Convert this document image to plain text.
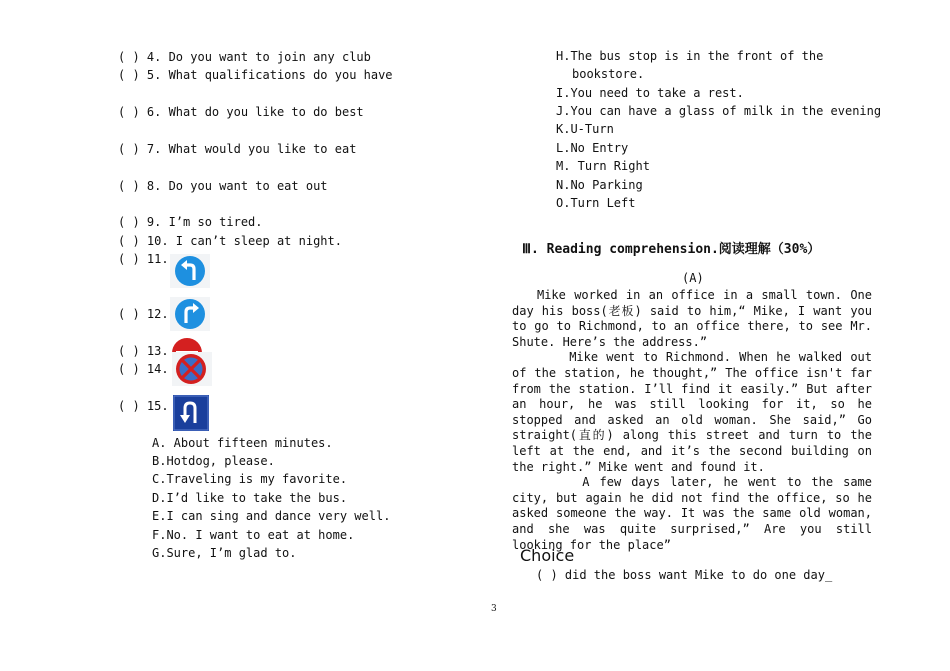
( ) 4. Do you want to join any club
( ) 5. What qualifications do you have
( ) 6. What do you like to do best
( ) 7. What would you like to eat
( ) 8. Do you want to eat out
( ) 9. I’m so tired.
( ) 10. I can’t sleep at night.
( ) 11.
( ) 12.
( ) 13.
( ) 14.
( ) 15.
A. About fifteen minutes.
B.Hotdog, please.
C.Traveling is my favorite.
D.I’d like to take the bus.
E.I can sing and dance very well.
F.No. I want to eat at home.
G.Sure, I’m glad to.
H.The bus stop is in the front of the
bookstore.
I.You need to take a rest.
J.You can have a glass of milk in the evening
K.U-Turn
L.No Entry
M. Turn Right
N.No Parking
O.Turn Left
Ⅲ. Reading comprehension.阅读理解（30%）
(A)

Mike worked in an office in a small town. One day his boss(老板) said to him,“ Mike, I want you to go to Richmond, to an office there, to see Mr. Shute. Here’s the address.”

Mike went to Richmond. When he walked out of the station, he thought,” The office isn't far from the station. I’ll find it easily.” But after an hour, he was still looking for it, so he stopped and asked an old woman. She said,” Go straight(直的) along this street and turn to the left at the end, and it’s the second building on the right.” Mike went and found it.

A few days later, he went to the same city, but again he did not find the office, so he asked someone the way. It was the same old woman, and she was quite surprised,” Are you still looking for the place”

Choice
( ) did the boss want Mike to do one day_
3
